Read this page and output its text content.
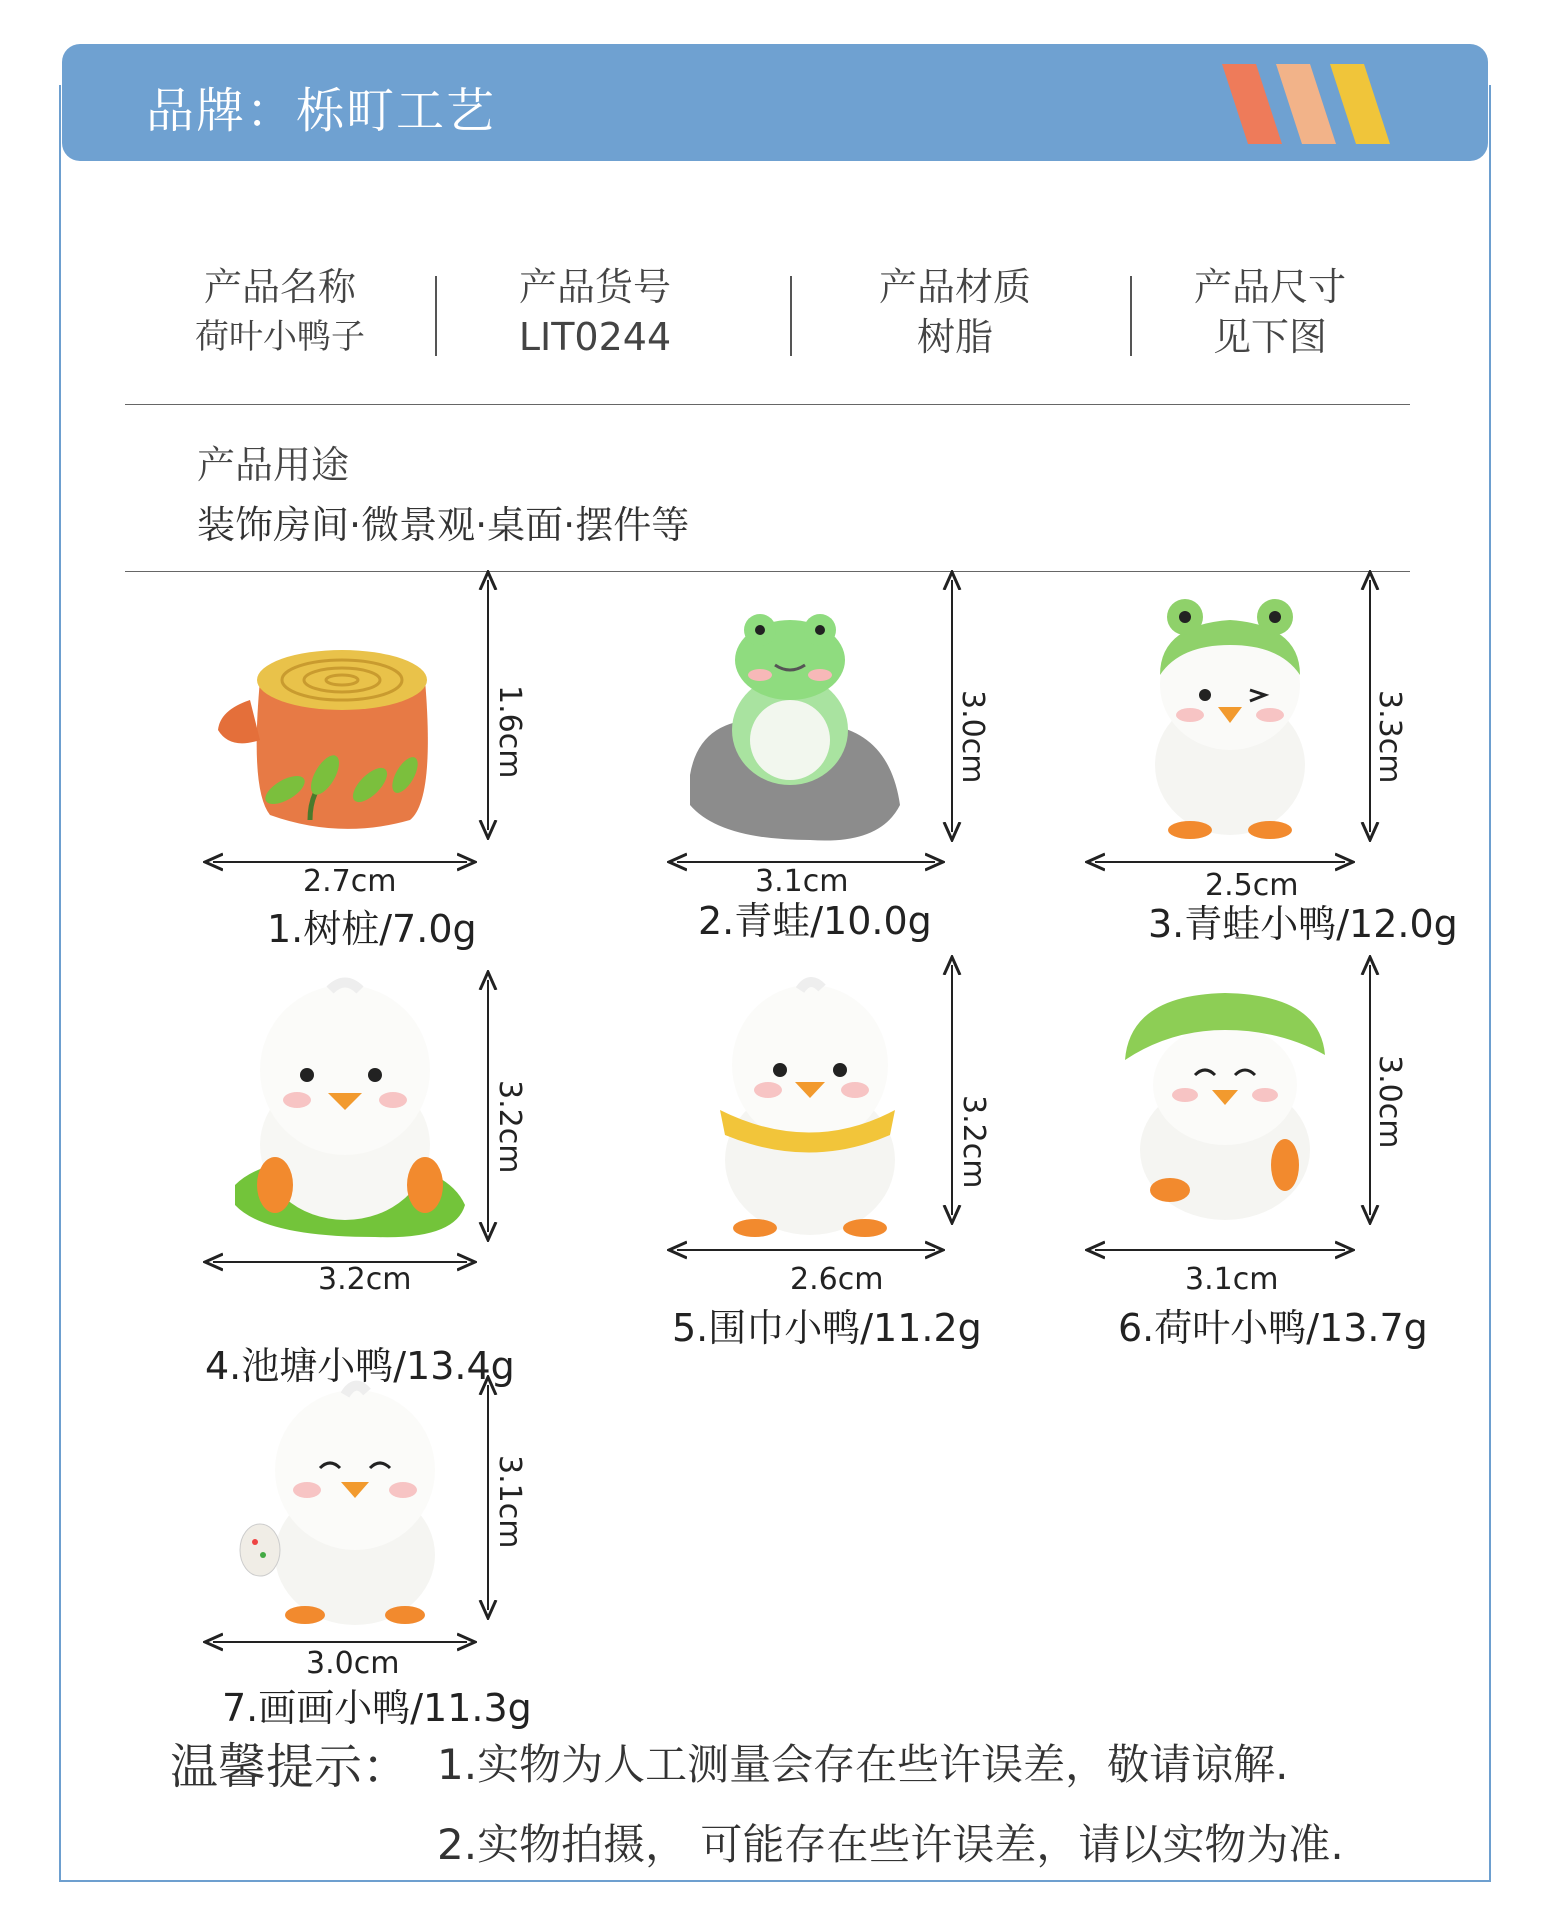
品牌：栎町工艺
产品名称
荷叶小鸭子
产品货号
LIT0244
产品材质
树脂
产品尺寸
见下图
产品用途
装饰房间·微景观·桌面·摆件等
2.7cm
1.6cm
1.树桩/7.0g
3.1cm
3.0cm
2.青蛙/10.0g
2.5cm
3.3cm
3.青蛙小鸭/12.0g
3.2cm
3.2cm
4.池塘小鸭/13.4g
2.6cm
3.2cm
5.围巾小鸭/11.2g
3.1cm
3.0cm
6.荷叶小鸭/13.7g
3.0cm
3.1cm
7.画画小鸭/11.3g
温馨提示： 1.实物为人工测量会存在些许误差，敬请谅解.
2.实物拍摄， 可能存在些许误差，请以实物为准.
